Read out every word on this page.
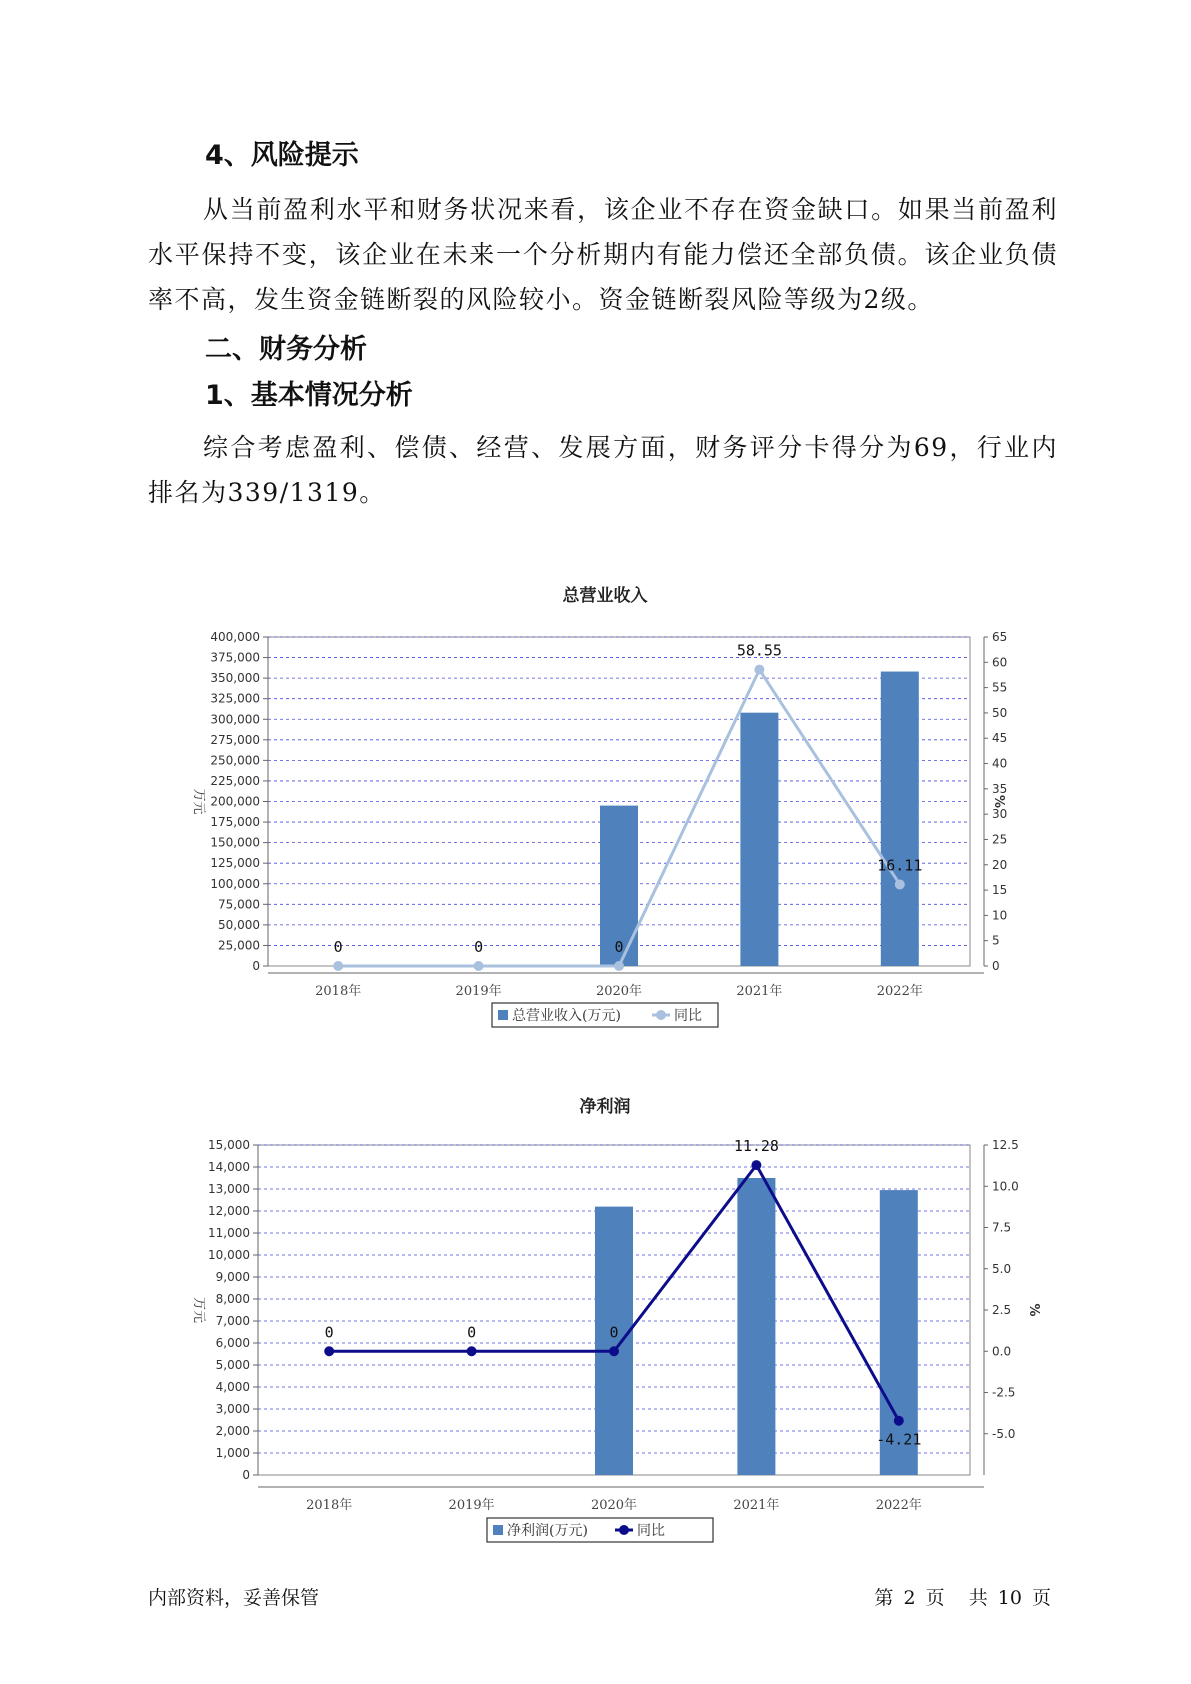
4、风险提示

从当前盈利水平和财务状况来看，该企业不存在资金缺口。如果当前盈利水平保持不变，该企业在未来一个分析期内有能力偿还全部负债。该企业负债率不高，发生资金链断裂的风险较小。资金链断裂风险等级为2级。

二、财务分析
1、基本情况分析

综合考虑盈利、偿债、经营、发展方面，财务评分卡得分为69，行业内排名为339/1319。

总营业收入
0
25,000
50,000
75,000
100,000
125,000
150,000
175,000
200,000
225,000
250,000
275,000
300,000
325,000
350,000
375,000
400,000
0
5
10
15
20
25
30
35
40
45
50
55
60
65
万元	%
2018年	2019年	2020年	2021年	2022年
0	0	0
58.55
16.11
总营业收入(万元)	同比
净利润
0
1,000
2,000
3,000
4,000
5,000
6,000
7,000
8,000
9,000
10,000
11,000
12,000
13,000
14,000
15,000	12.5
10.0
7.5
5.0
2.5
0.0
-2.5
-5.0
万元	%
2018年	2019年	2020年	2021年	2022年
0	0	0
11.28
-4.21
净利润(万元)	同比
内部资料，妥善保管	第 2 页 共 10 页
